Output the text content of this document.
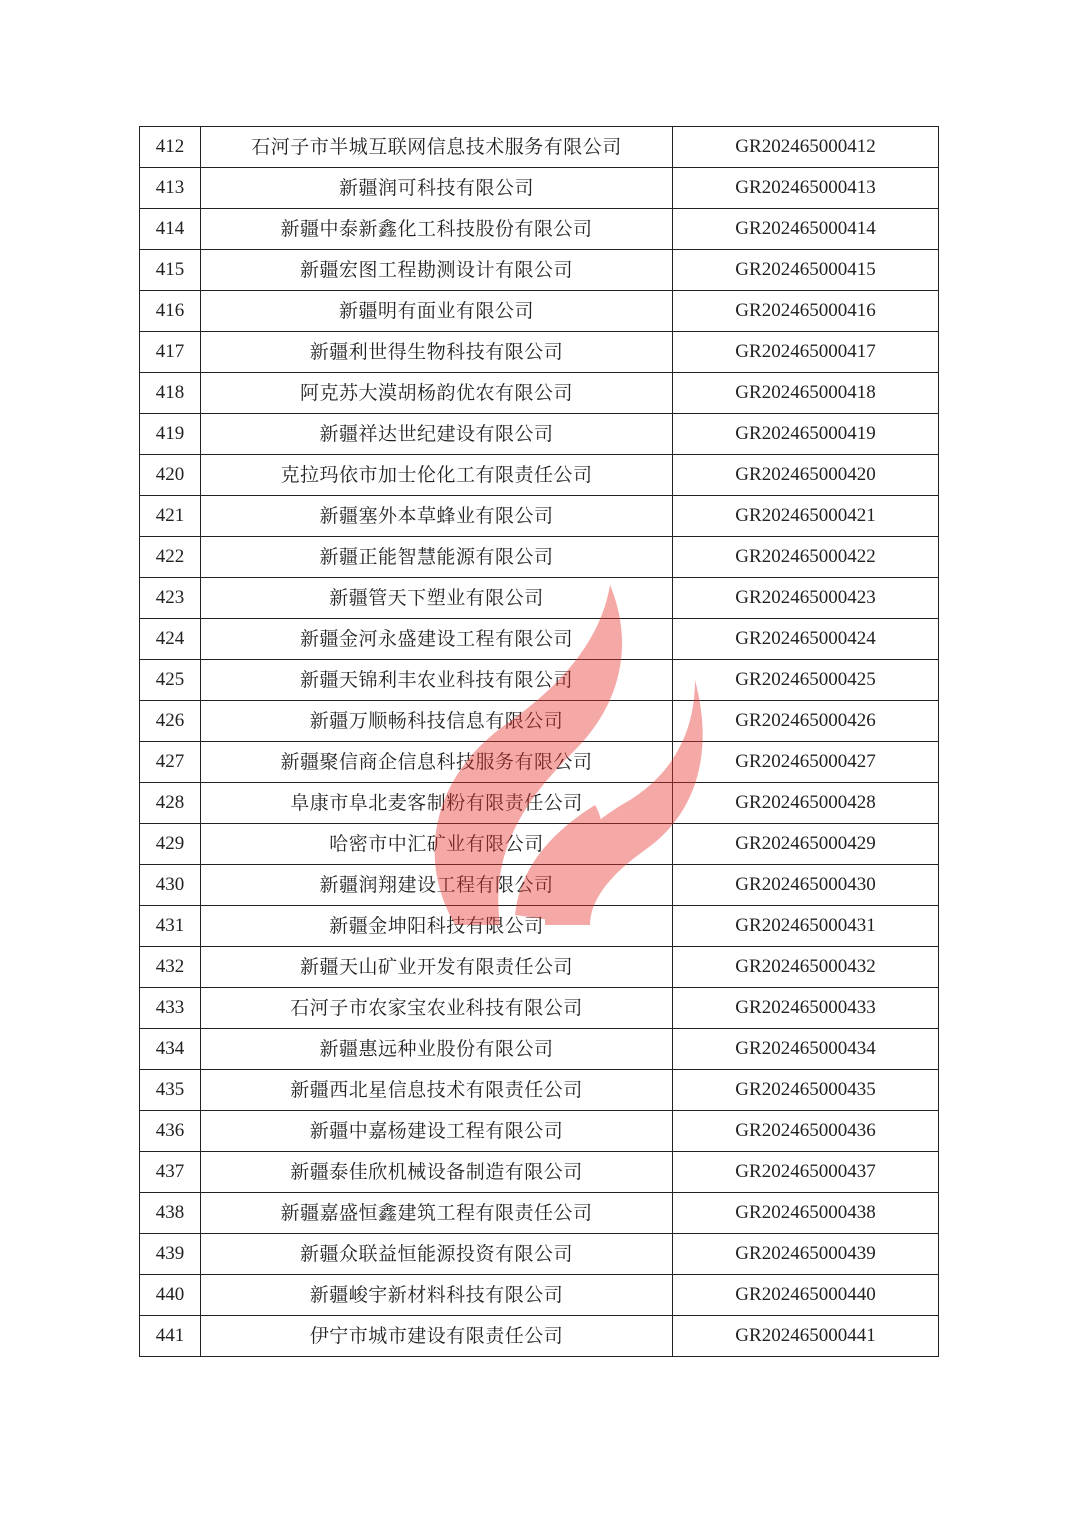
412	石河子市半城互联网信息技术服务有限公司	GR202465000412
413	新疆润可科技有限公司	GR202465000413
414	新疆中泰新鑫化工科技股份有限公司	GR202465000414
415	新疆宏图工程勘测设计有限公司	GR202465000415
416	新疆明有面业有限公司	GR202465000416
417	新疆利世得生物科技有限公司	GR202465000417
418	阿克苏大漠胡杨韵优农有限公司	GR202465000418
419	新疆祥达世纪建设有限公司	GR202465000419
420	克拉玛依市加士伦化工有限责任公司	GR202465000420
421	新疆塞外本草蜂业有限公司	GR202465000421
422	新疆正能智慧能源有限公司	GR202465000422
423	新疆管天下塑业有限公司	GR202465000423
424	新疆金河永盛建设工程有限公司	GR202465000424
425	新疆天锦利丰农业科技有限公司	GR202465000425
426	新疆万顺畅科技信息有限公司	GR202465000426
427	新疆聚信商企信息科技服务有限公司	GR202465000427
428	阜康市阜北麦客制粉有限责任公司	GR202465000428
429	哈密市中汇矿业有限公司	GR202465000429
430	新疆润翔建设工程有限公司	GR202465000430
431	新疆金坤阳科技有限公司	GR202465000431
432	新疆天山矿业开发有限责任公司	GR202465000432
433	石河子市农家宝农业科技有限公司	GR202465000433
434	新疆惠远种业股份有限公司	GR202465000434
435	新疆西北星信息技术有限责任公司	GR202465000435
436	新疆中嘉杨建设工程有限公司	GR202465000436
437	新疆泰佳欣机械设备制造有限公司	GR202465000437
438	新疆嘉盛恒鑫建筑工程有限责任公司	GR202465000438
439	新疆众联益恒能源投资有限公司	GR202465000439
440	新疆峻宇新材料科技有限公司	GR202465000440
441	伊宁市城市建设有限责任公司	GR202465000441
